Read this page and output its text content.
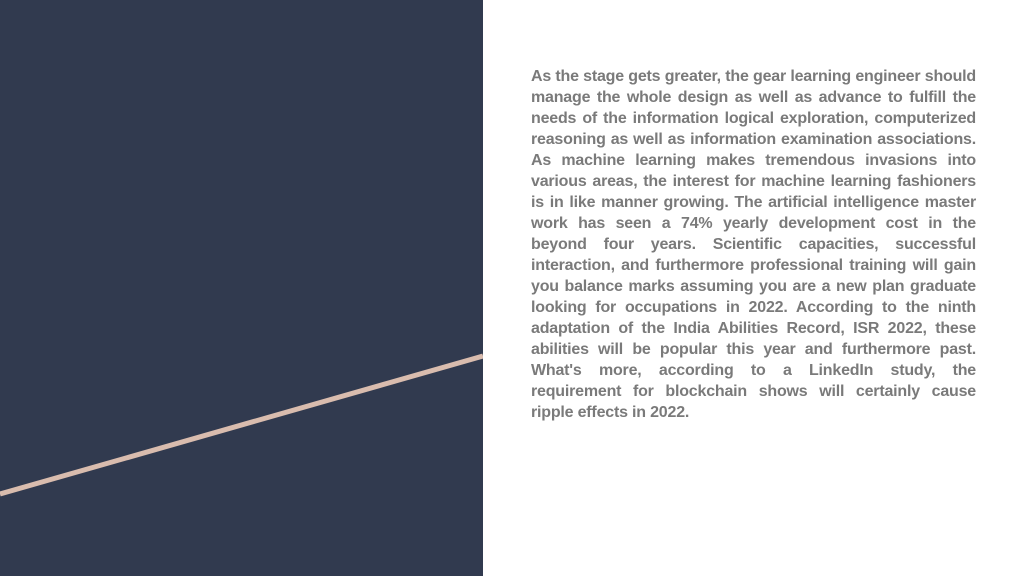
As the stage gets greater, the gear learning engineer should manage the whole design as well as advance to fulfill the needs of the information logical exploration, computerized reasoning as well as information examination associations. As machine learning makes tremendous invasions into various areas, the interest for machine learning fashioners is in like manner growing. The artificial intelligence master work has seen a 74% yearly development cost in the beyond four years. Scientific capacities, successful interaction, and furthermore professional training will gain you balance marks assuming you are a new plan graduate looking for occupations in 2022. According to the ninth adaptation of the India Abilities Record, ISR 2022, these abilities will be popular this year and furthermore past. What's more, according to a LinkedIn study, the requirement for blockchain shows will certainly cause ripple effects in 2022.
